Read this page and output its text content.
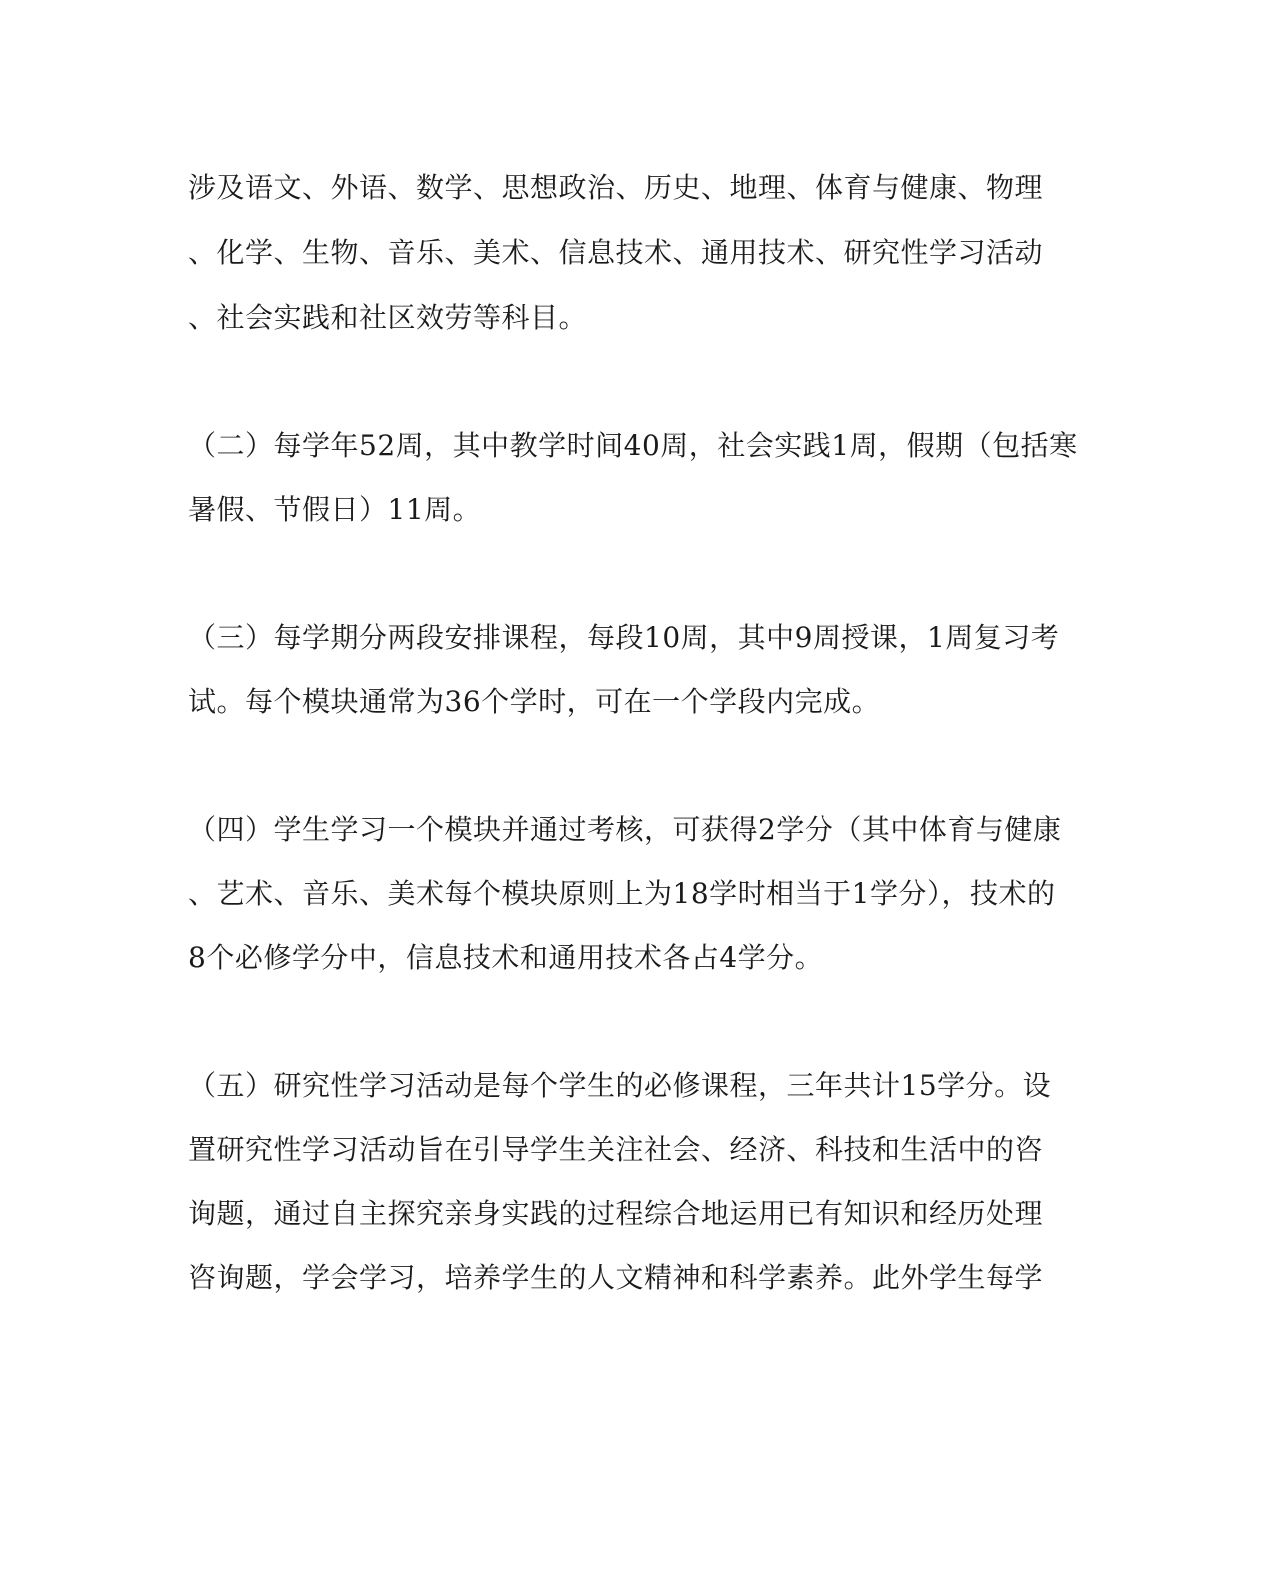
涉及语文、外语、数学、思想政治、历史、地理、体育与健康、物理
、化学、生物、音乐、美术、信息技术、通用技术、研究性学习活动
、社会实践和社区效劳等科目。
（二）每学年52周，其中教学时间40周，社会实践1周，假期（包括寒
暑假、节假日）11周。
（三）每学期分两段安排课程，每段10周，其中9周授课，1周复习考
试。每个模块通常为36个学时，可在一个学段内完成。
（四）学生学习一个模块并通过考核，可获得2学分（其中体育与健康
、艺术、音乐、美术每个模块原则上为18学时相当于1学分），技术的
8个必修学分中，信息技术和通用技术各占4学分。
（五）研究性学习活动是每个学生的必修课程，三年共计15学分。设
置研究性学习活动旨在引导学生关注社会、经济、科技和生活中的咨
询题，通过自主探究亲身实践的过程综合地运用已有知识和经历处理
咨询题，学会学习，培养学生的人文精神和科学素养。此外学生每学
